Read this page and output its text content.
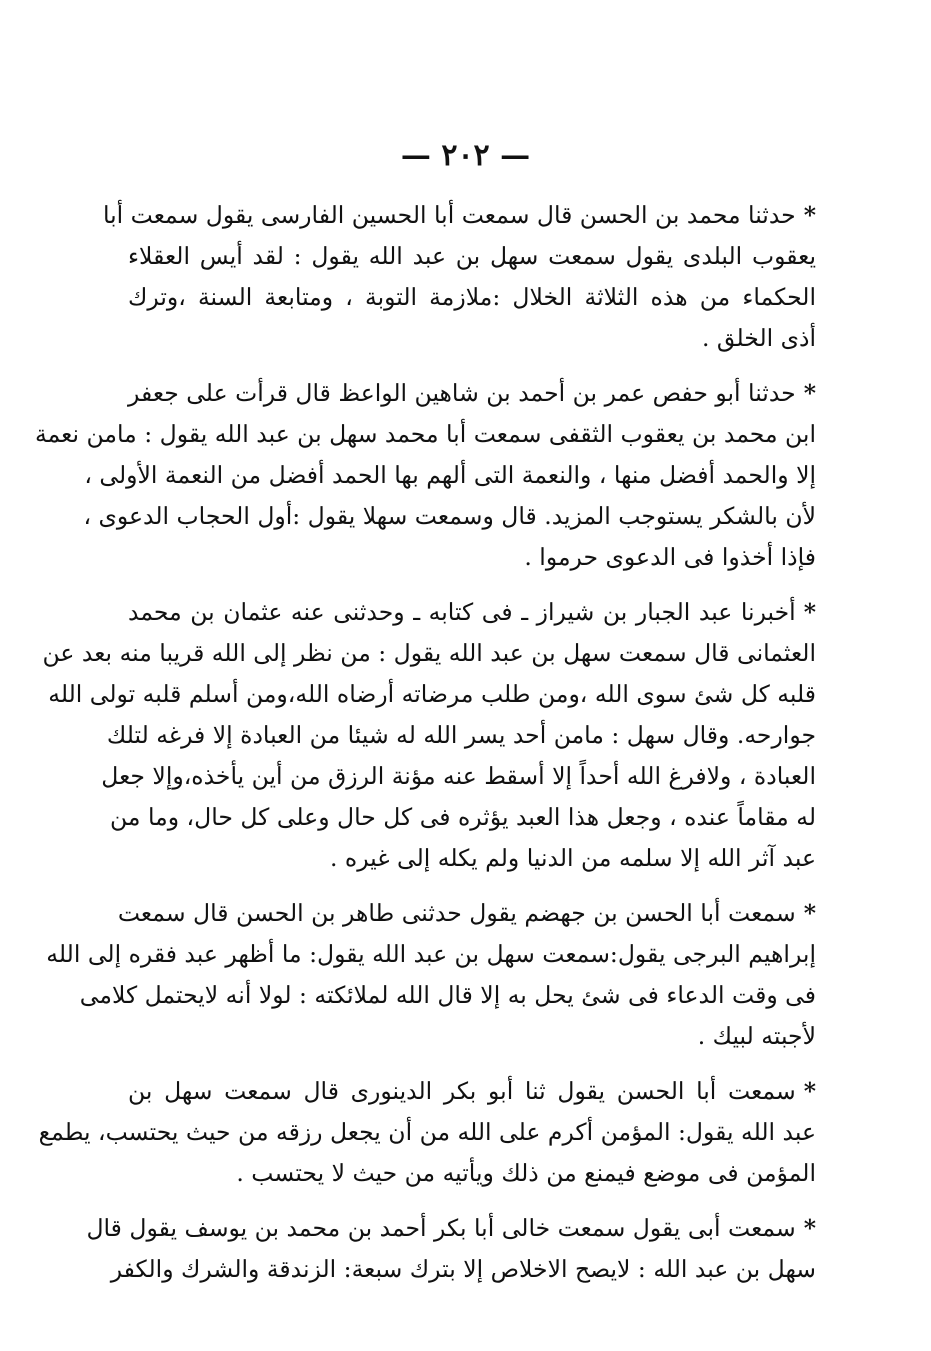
— ٢٠٢ —

*حدثنا محمد بن الحسن قال سمعت أبا الحسين الفارسى يقول سمعت أبا
يعقوب البلدى يقول سمعت سهل بن عبد الله يقول : لقد أيس العقلاء
الحكماء من هذه الثلاثة الخلال :ملازمة التوبة ، ومتابعة السنة ،وترك
أذى الخلق .

*حدثنا أبو حفص عمر بن أحمد بن شاهين الواعظ قال قرأت على جعفر
ابن محمد بن يعقوب الثقفى سمعت أبا محمد سهل بن عبد الله يقول : مامن نعمة
إلا والحمد أفضل منها ، والنعمة التى ألهم بها الحمد أفضل من النعمة الأولى ،
لأن بالشكر يستوجب المزيد. قال وسمعت سهلا يقول :أول الحجاب الدعوى ،
فإذا أخذوا فى الدعوى حرموا .

*أخبرنا عبد الجبار بن شيراز ـ فى كتابه ـ وحدثنى عنه عثمان بن محمد
العثمانى قال سمعت سهل بن عبد الله يقول : من نظر إلى الله قريبا منه بعد عن
قلبه كل شئ سوى الله ،ومن طلب مرضاته أرضاه الله،ومن أسلم قلبه تولى الله
جوارحه. وقال سهل : مامن أحد يسر الله له شيئا من العبادة إلا فرغه لتلك
العبادة ، ولافرغ الله أحداً إلا أسقط عنه مؤنة الرزق من أين يأخذه،وإلا جعل
له مقاماً عنده ، وجعل هذا العبد يؤثره فى كل حال وعلى كل حال، وما من
عبد آثر الله إلا سلمه من الدنيا ولم يكله إلى غيره .

*سمعت أبا الحسن بن جهضم يقول حدثنى طاهر بن الحسن قال سمعت
إبراهيم البرجى يقول:سمعت سهل بن عبد الله يقول: ما أظهر عبد فقره إلى الله
فى وقت الدعاء فى شئ يحل به إلا قال الله لملائكته : لولا أنه لايحتمل كلامى
لأجبته لبيك .

*سمعت أبا الحسن يقول ثنا أبو بكر الدينورى قال سمعت سهل بن
عبد الله يقول: المؤمن أكرم على الله من أن يجعل رزقه من حيث يحتسب، يطمع
المؤمن فى موضع فيمنع من ذلك ويأتيه من حيث لا يحتسب .

*سمعت أبى يقول سمعت خالى أبا بكر أحمد بن محمد بن يوسف يقول قال
سهل بن عبد الله : لايصح الاخلاص إلا بترك سبعة: الزندقة والشرك والكفر
